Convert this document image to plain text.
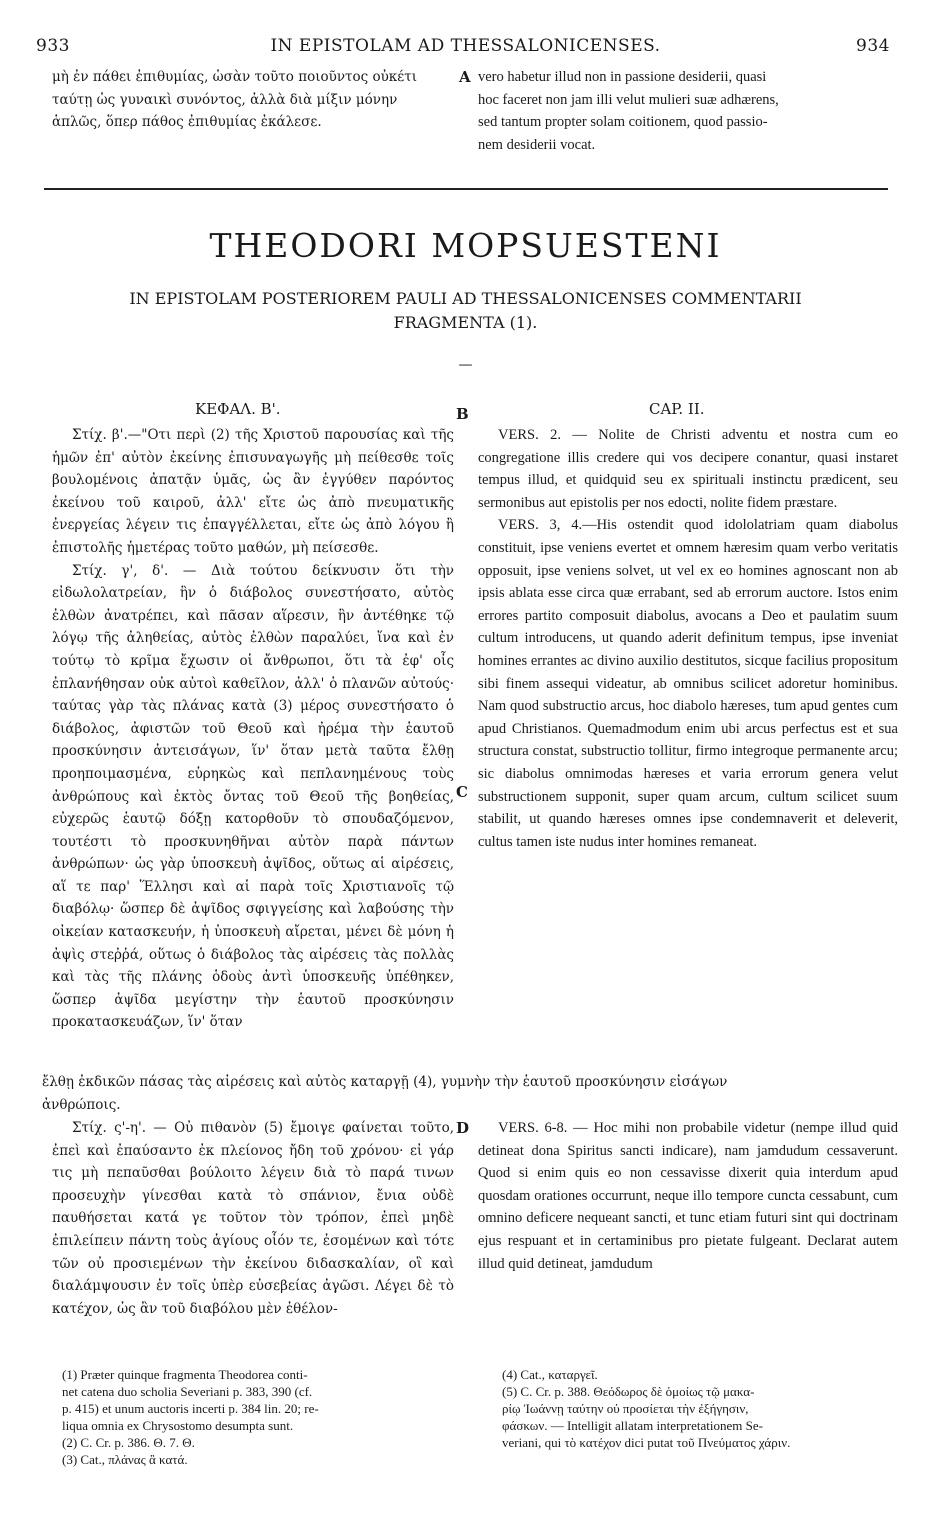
933	IN EPISTOLAM AD THESSALONICENSES.	934
μὴ ἐν πάθει ἐπιθυμίας, ὡσὰν τοῦτο ποιοῦντος οὐκέτι
ταύτῃ ὡς γυναικὶ συνόντος, ἀλλὰ διὰ μίξιν μόνην
ἁπλῶς, ὅπερ πάθος ἐπιθυμίας ἐκάλεσε.
A vero habetur illud non in passione desiderii, quasi
hoc faceret non jam illi velut mulieri suæ adhærens,
sed tantum propter solam coitionem, quod passio-
nem desiderii vocat.
THEODORI MOPSUESTENI
IN EPISTOLAM POSTERIOREM PAULI AD THESSALONICENSES COMMENTARII
FRAGMENTA (1).
—
ΚΕΦΑΛ. Β'.	B	CAP. II.

Στίχ. β'.—"Οτι περὶ (2) τῆς Χριστοῦ παρουσίας καὶ τῆς ἡμῶν ἐπ' αὐτὸν ἐκείνης ἐπισυναγωγῆς μὴ πείθεσθε τοῖς βουλομένοις ἀπατᾷν ὑμᾶς, ὡς ἂν ἐγγύθεν παρόντος ἐκείνου τοῦ καιροῦ, ἀλλ' εἴτε ὡς ἀπὸ πνευματικῆς ἐνεργείας λέγειν τις ἐπαγγέλλεται, εἴτε ὡς ἀπὸ λόγου ἢ ἐπιστολῆς ἡμετέρας τοῦτο μαθών, μὴ πείσεσθε.

Στίχ. γ', δ'. — Διὰ τούτου δείκνυσιν ὅτι τὴν εἰδωλολατρείαν, ἣν ὁ διάβολος συνεστήσατο, αὐτὸς ἐλθὼν ἀνατρέπει, καὶ πᾶσαν αἵρεσιν, ἣν ἀντέθηκε τῷ λόγῳ τῆς ἀληθείας, αὐτὸς ἐλθὼν παραλύει, ἵνα καὶ ἐν τούτῳ τὸ κρῖμα ἔχωσιν οἱ ἄνθρωποι, ὅτι τὰ ἐφ' οἷς ἐπλανήθησαν οὐκ αὐτοὶ καθεῖλον, ἀλλ' ὁ πλανῶν αὐτούς· ταύτας γὰρ τὰς πλάνας κατὰ (3) μέρος συνεστήσατο ὁ διάβολος, ἀφιστῶν τοῦ Θεοῦ καὶ ἠρέμα τὴν ἑαυτοῦ προσκύνησιν ἀντεισάγων, ἵν' ὅταν μετὰ ταῦτα ἔλθῃ προηποιμασμένα, εὑρηκὼς καὶ πεπλανημένους τοὺς ἀνθρώπους καὶ ἐκτὸς ὄντας τοῦ Θεοῦ τῆς βοηθείας, εὐχερῶς ἑαυτῷ δόξῃ κατορθοῦν τὸ σπουδαζόμενον, τουτέστι τὸ προσκυνηθῆναι αὐτὸν παρὰ πάντων ἀνθρώπων· ὡς γὰρ ὑποσκευὴ ἀψῖδος, οὕτως αἱ αἱρέσεις, αἵ τε παρ' Ἕλλησι καὶ αἱ παρὰ τοῖς Χριστιανοῖς τῷ διαβόλῳ· ὥσπερ δὲ ἀψῖδος σφιγγείσης καὶ λαβούσης τὴν οἰκείαν κατασκευήν, ἡ ὑποσκευὴ αἴρεται, μένει δὲ μόνη ἡ ἀψὶς στεῤῥά, οὕτως ὁ διάβολος τὰς αἱρέσεις τὰς πολλὰς καὶ τὰς τῆς πλάνης ὁδοὺς ἀντὶ ὑποσκευῆς ὑπέθηκεν, ὥσπερ ἀψῖδα μεγίστην τὴν ἑαυτοῦ προσκύνησιν προκατασκευάζων, ἵν' ὅταν

C

VERS. 2. — Nolite de Christi adventu et nostra cum eo congregatione illis credere qui vos decipere conantur, quasi instaret tempus illud, et quidquid seu ex spirituali instinctu prædicent, seu sermonibus aut epistolis per nos edocti, nolite fidem præstare.

VERS. 3, 4.—His ostendit quod idololatriam quam diabolus constituit, ipse veniens evertet et omnem hæresim quam verbo veritatis opposuit, ipse veniens solvet, ut vel ex eo homines agnoscant non ab ipsis ablata esse circa quæ errabant, sed ab errorum auctore. Istos enim errores partito composuit diabolus, avocans a Deo et paulatim suum cultum introducens, ut quando aderit definitum tempus, ipse inveniat homines errantes ac divino auxilio destitutos, sicque facilius propositum sibi finem assequi videatur, ab omnibus scilicet adoretur hominibus. Nam quod substructio arcus, hoc diabolo hæreses, tum apud gentes cum apud Christianos. Quemadmodum enim ubi arcus perfectus est et sua structura constat, substructio tollitur, firmo integroque permanente arcu; sic diabolus omnimodas hæreses et varia errorum genera velut substructionem supponit, super quam arcum, cultum scilicet suum stabilit, ut quando hæreses omnes ipse condemnaverit et deleverit, cultus tamen iste nudus inter homines remaneat.

ἔλθῃ ἐκδικῶν πάσας τὰς αἱρέσεις καὶ αὐτὸς καταργῇ (4), γυμνὴν τὴν ἑαυτοῦ προσκύνησιν εἰσάγων
ἀνθρώποις.

Στίχ. ς'-η'. — Οὐ πιθανὸν (5) ἔμοιγε φαίνεται τοῦτο, ἐπεὶ καὶ ἐπαύσαντο ἐκ πλείονος ἤδη τοῦ χρόνου· εἰ γάρ τις μὴ πεπαῦσθαι βούλοιτο λέγειν διὰ τὸ παρά τινων προσευχὴν γίνεσθαι κατὰ τὸ σπάνιον, ἔνια οὐδὲ παυθήσεται κατά γε τοῦτον τὸν τρόπον, ἐπεὶ μηδὲ ἐπιλείπειν πάντη τοὺς ἁγίους οἷόν τε, ἐσομένων καὶ τότε τῶν οὐ προσιεμένων τὴν ἐκείνου διδασκαλίαν, οἳ καὶ διαλάμψουσιν ἐν τοῖς ὑπὲρ εὐσεβείας ἀγῶσι. Λέγει δὲ τὸ κατέχον, ὡς ἂν τοῦ διαβόλου μὲν ἐθέλον-

D	VERS. 6-8. — Hoc mihi non probabile videtur (nempe illud quid detineat dona Spiritus sancti indicare), nam jamdudum cessaverunt. Quod si enim quis eo non cessavisse dixerit quia interdum apud quosdam orationes occurrunt, neque illo tempore cuncta cessabunt, cum omnino deficere nequeant sancti, et tunc etiam futuri sint qui doctrinam ejus respuant et in certaminibus pro pietate fulgeant. Declarat autem illud quid detineat, jamdudum

(1) Præter quinque fragmenta Theodorea conti-

net catena duo scholia Severiani p. 383, 390 (cf.

p. 415) et unum auctoris incerti p. 384 lin. 20; re-

liqua omnia ex Chrysostomo desumpta sunt.

(2) C. Cr. p. 386. Θ. 7. Θ.

(3) Cat., πλάνας ἃ κατά.

(4) Cat., καταργεῖ.

(5) C. Cr. p. 388. Θεόδωρος δὲ ὁμοίως τῷ μακα-

ρίῳ Ἰωάννῃ ταύτην οὐ προσίεται τὴν ἐξήγησιν,

φάσκων. — Intelligit allatam interpretationem Se-

veriani, qui τὸ κατέχον dici putat τοῦ Πνεύματος χάριν.
